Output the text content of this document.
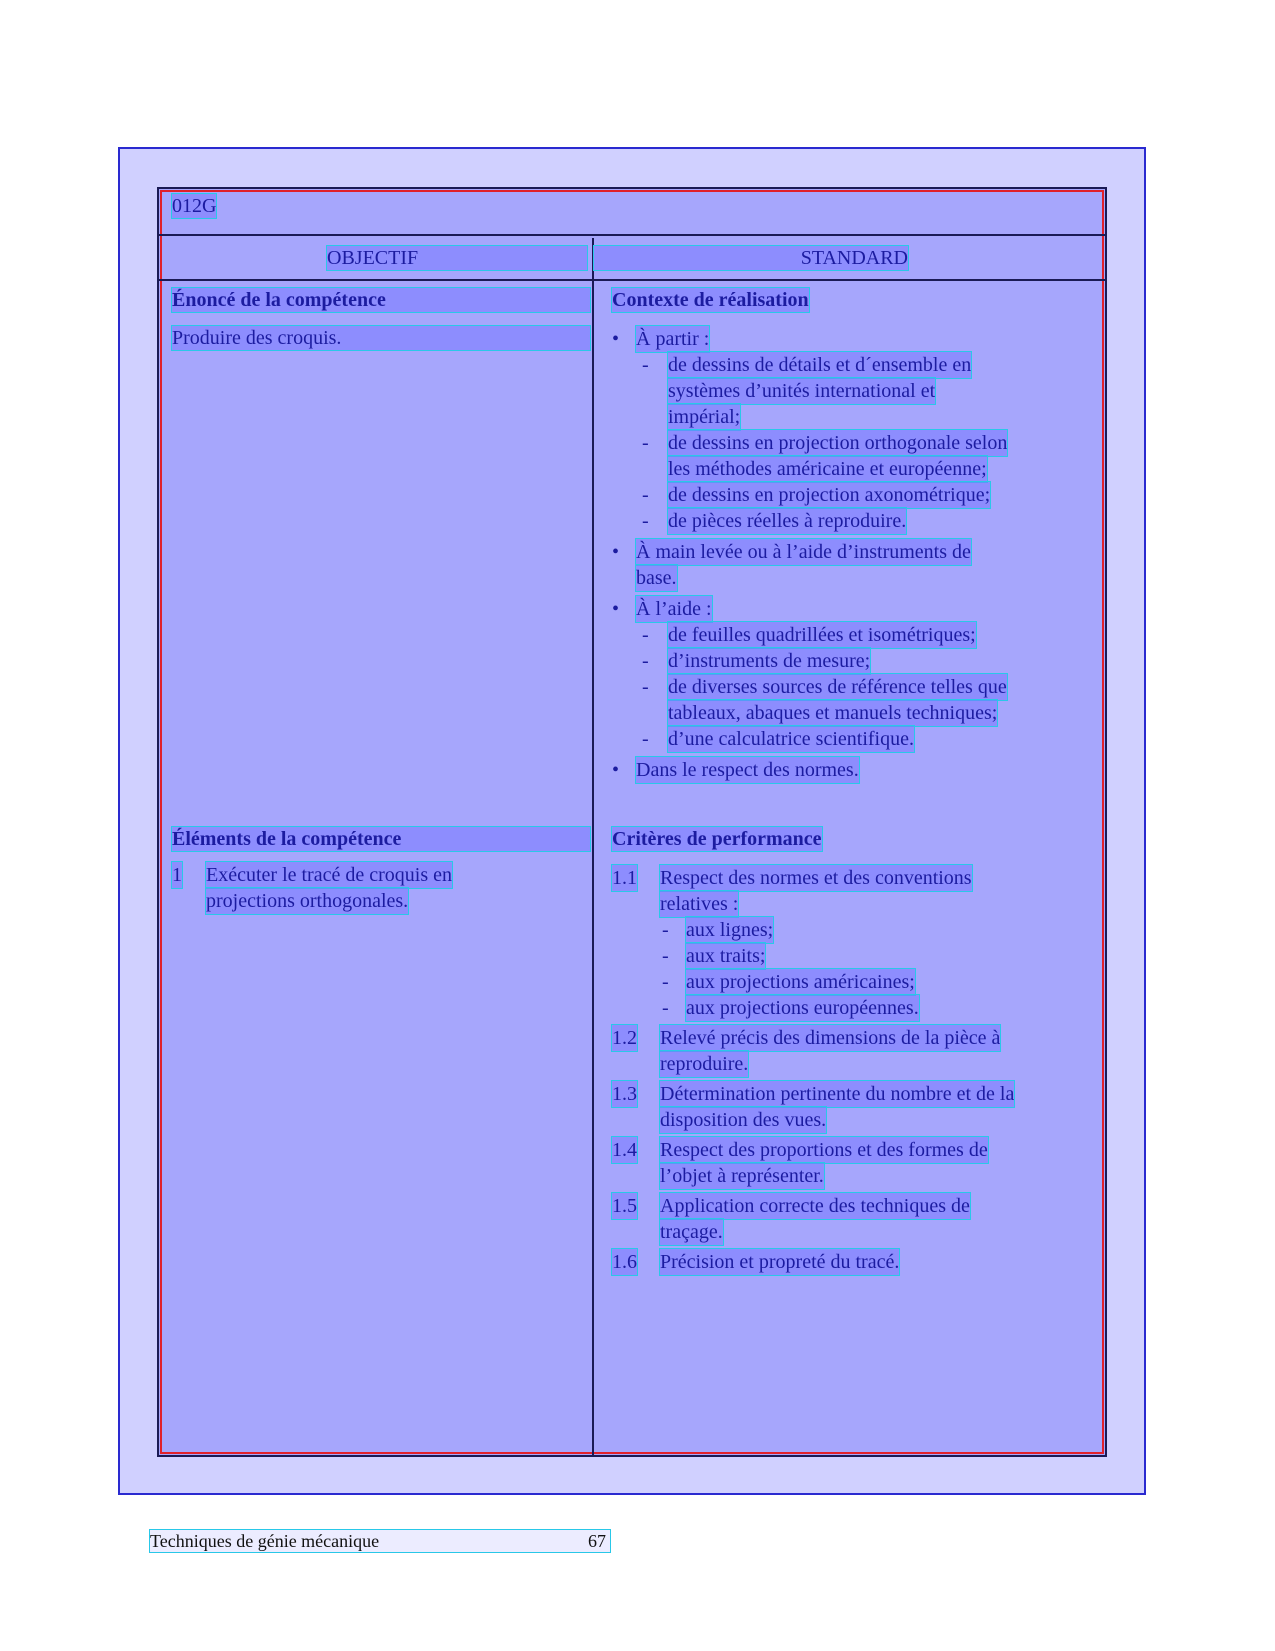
012G
OBJECTIF	STANDARD
Énoncé de la compétence
Produire des croquis.
Contexte de réalisation
• À partir :
- de dessins de détails et d´ensemble en
systèmes d’unités international et
impérial;
- de dessins en projection orthogonale selon
les méthodes américaine et européenne;
- de dessins en projection axonométrique;
- de pièces réelles à reproduire.
• À main levée ou à l’aide d’instruments de
base.
• À l’aide :
- de feuilles quadrillées et isométriques;
- d’instruments de mesure;
- de diverses sources de référence telles que
tableaux, abaques et manuels techniques;
- d’une calculatrice scientifique.
• Dans le respect des normes.
Éléments de la compétence
1 Exécuter le tracé de croquis en
projections orthogonales.
Critères de performance
1.1 Respect des normes et des conventions
relatives :
- aux lignes;
- aux traits;
- aux projections américaines;
- aux projections européennes.
1.2 Relevé précis des dimensions de la pièce à
reproduire.
1.3 Détermination pertinente du nombre et de la
disposition des vues.
1.4 Respect des proportions et des formes de
l’objet à représenter.
1.5 Application correcte des techniques de
traçage.
1.6 Précision et propreté du tracé.
Techniques de génie mécanique	67
